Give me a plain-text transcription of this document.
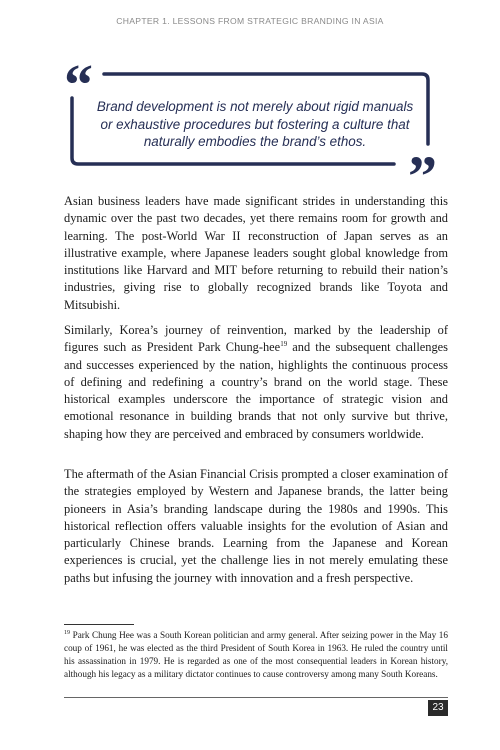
CHAPTER 1. LESSONS FROM STRATEGIC BRANDING IN ASIA
“
”
Brand development is not merely about rigid manuals
or exhaustive procedures but fostering a culture that
naturally embodies the brand’s ethos.

Asian business leaders have made significant strides in understanding this dynamic over the past two decades, yet there remains room for growth and learning. The post-World War II reconstruction of Japan serves as an illustrative example, where Japanese leaders sought global knowledge from institutions like Harvard and MIT before returning to rebuild their nation’s industries, giving rise to globally recognized brands like Toyota and Mitsubishi.

Similarly, Korea’s journey of reinvention, marked by the leadership of figures such as President Park Chung-hee$^{19}$ and the subsequent challenges and successes experienced by the nation, highlights the continuous process of defining and redefining a country’s brand on the world stage. These historical examples underscore the importance of strategic vision and emotional resonance in building brands that not only survive but thrive, shaping how they are perceived and embraced by consumers worldwide.

The aftermath of the Asian Financial Crisis prompted a closer examination of the strategies employed by Western and Japanese brands, the latter being pioneers in Asia’s branding landscape during the 1980s and 1990s. This historical reflection offers valuable insights for the evolution of Asian and particularly Chinese brands. Learning from the Japanese and Korean experiences is crucial, yet the challenge lies in not merely emulating these paths but infusing the journey with innovation and a fresh perspective.

$^{19}$ Park Chung Hee was a South Korean politician and army general. After seizing power in the May 16 coup of 1961, he was elected as the third President of South Korea in 1963. He ruled the country until his assassination in 1979. He is regarded as one of the most consequential leaders in Korean history, although his legacy as a military dictator continues to cause controversy among many South Koreans.

23
